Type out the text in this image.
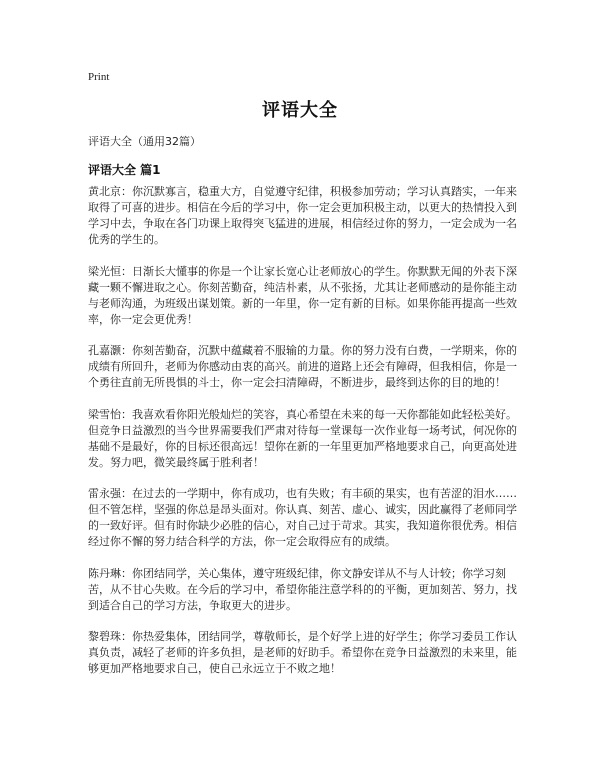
Print
评语大全
评语大全（通用32篇）
评语大全 篇1

黄北京：你沉默寡言，稳重大方，自觉遵守纪律，积极参加劳动；学习认真踏实，一年来取得了可喜的进步。相信在今后的学习中，你一定会更加积极主动，以更大的热情投入到学习中去，争取在各门功课上取得突飞猛进的进展，相信经过你的努力，一定会成为一名优秀的学生的。

梁光恒：日渐长大懂事的你是一个让家长宽心让老师放心的学生。你默默无闻的外表下深藏一颗不懈进取之心。你刻苦勤奋，纯洁朴素，从不张扬，尤其让老师感动的是你能主动与老师沟通，为班级出谋划策。新的一年里，你一定有新的目标。如果你能再提高一些效率，你一定会更优秀！

孔嘉灏：你刻苦勤奋，沉默中蕴藏着不服输的力量。你的努力没有白费，一学期来，你的成绩有所回升，老师为你感动由衷的高兴。前进的道路上还会有障碍，但我相信，你是一个勇往直前无所畏惧的斗士，你一定会扫清障碍，不断进步，最终到达你的目的地的！

梁雪怡：我喜欢看你阳光般灿烂的笑容，真心希望在未来的每一天你都能如此轻松美好。但竞争日益激烈的当今世界需要我们严肃对待每一堂课每一次作业每一场考试，何况你的基础不是最好，你的目标还很高远！望你在新的一年里更加严格地要求自己，向更高处进发。努力吧，微笑最终属于胜利者！

雷永强：在过去的一学期中，你有成功，也有失败；有丰硕的果实，也有苦涩的泪水……但不管怎样，坚强的你总是昂头面对。你认真、刻苦、虚心、诚实，因此赢得了老师同学的一致好评。但有时你缺少必胜的信心，对自己过于苛求。其实，我知道你很优秀。相信经过你不懈的努力结合科学的方法，你一定会取得应有的成绩。

陈丹琳：你团结同学，关心集体，遵守班级纪律，你文静安详从不与人计较；你学习刻苦，从不甘心失败。在今后的学习中，希望你能注意学科的的平衡，更加刻苦、努力，找到适合自己的学习方法，争取更大的进步。

黎碧珠：你热爱集体，团结同学，尊敬师长，是个好学上进的好学生；你学习委员工作认真负责，减轻了老师的许多负担，是老师的好助手。希望你在竞争日益激烈的未来里，能够更加严格地要求自己，使自己永远立于不败之地！
